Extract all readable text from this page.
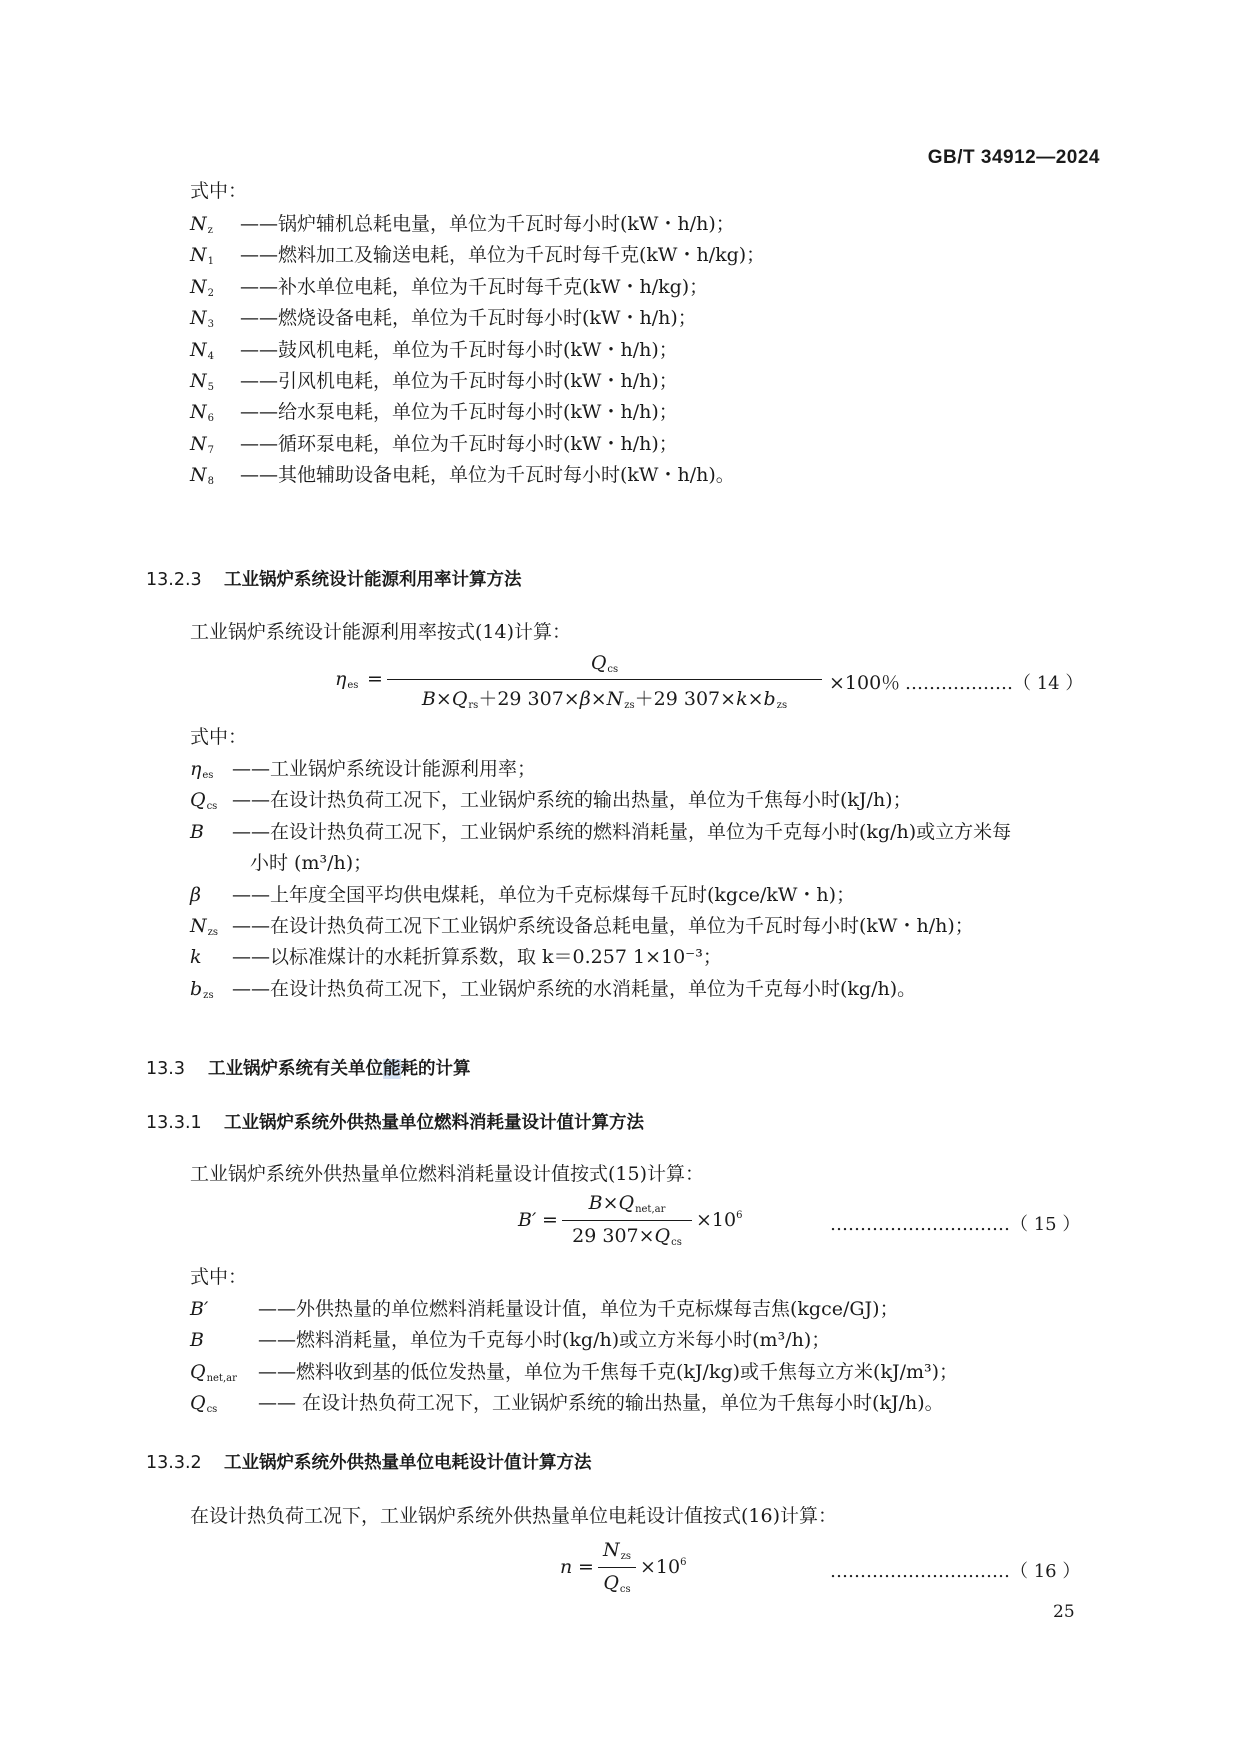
GB/T 34912—2024
式中：
$N_z$ ——锅炉辅机总耗电量，单位为千瓦时每小时(kW・h/h)；
$N_1$ ——燃料加工及输送电耗，单位为千瓦时每千克(kW・h/kg)；
$N_2$ ——补水单位电耗，单位为千瓦时每千克(kW・h/kg)；
$N_3$ ——燃烧设备电耗，单位为千瓦时每小时(kW・h/h)；
$N_4$ ——鼓风机电耗，单位为千瓦时每小时(kW・h/h)；
$N_5$ ——引风机电耗，单位为千瓦时每小时(kW・h/h)；
$N_6$ ——给水泵电耗，单位为千瓦时每小时(kW・h/h)；
$N_7$ ——循环泵电耗，单位为千瓦时每小时(kW・h/h)；
$N_8$ ——其他辅助设备电耗，单位为千瓦时每小时(kW・h/h)。
13.2.3 工业锅炉系统设计能源利用率计算方法
工业锅炉系统设计能源利用率按式(14)计算：
$\eta_{es}$ =
$Q_{cs}$
$B\times Q_{rs}+29$ $307\times\beta\times N_{zs}+29$ $307\times k\times b_{zs}$
×100％ ………………（ 14 ）
式中：
$\eta_{es}$ ——工业锅炉系统设计能源利用率；
$Q_{cs}$ ——在设计热负荷工况下，工业锅炉系统的输出热量，单位为千焦每小时(kJ/h)；
B ——在设计热负荷工况下，工业锅炉系统的燃料消耗量，单位为千克每小时(kg/h)或立方米每
小时 (m³/h)；
β ——上年度全国平均供电煤耗，单位为千克标煤每千瓦时(kgce/kW・h)；
$N_{zs}$ ——在设计热负荷工况下工业锅炉系统设备总耗电量，单位为千瓦时每小时(kW・h/h)；
k ——以标准煤计的水耗折算系数，取 k＝0.257 1×10⁻³；
$b_{zs}$ ——在设计热负荷工况下，工业锅炉系统的水消耗量，单位为千克每小时(kg/h)。
13.3 工业锅炉系统有关单位能耗的计算
13.3.1 工业锅炉系统外供热量单位燃料消耗量设计值计算方法
工业锅炉系统外供热量单位燃料消耗量设计值按式(15)计算：
B′ =
$B\times Q_{net,ar}$
29 $307\times Q_{cs}$
$\times 10^6$	…………………………（ 15 ）
式中：
B′	——外供热量的单位燃料消耗量设计值，单位为千克标煤每吉焦(kgce/GJ)；
B	——燃料消耗量，单位为千克每小时(kg/h)或立方米每小时(m³/h)；
$Q_{net,ar}$ ——燃料收到基的低位发热量，单位为千焦每千克(kJ/kg)或千焦每立方米(kJ/m³)；
$Q_{cs}$ —— 在设计热负荷工况下，工业锅炉系统的输出热量，单位为千焦每小时(kJ/h)。
13.3.2 工业锅炉系统外供热量单位电耗设计值计算方法
在设计热负荷工况下，工业锅炉系统外供热量单位电耗设计值按式(16)计算：
n =
$N_{zs}$
$Q_{cs}$
$\times 10^6$	…………………………（ 16 ）
25
